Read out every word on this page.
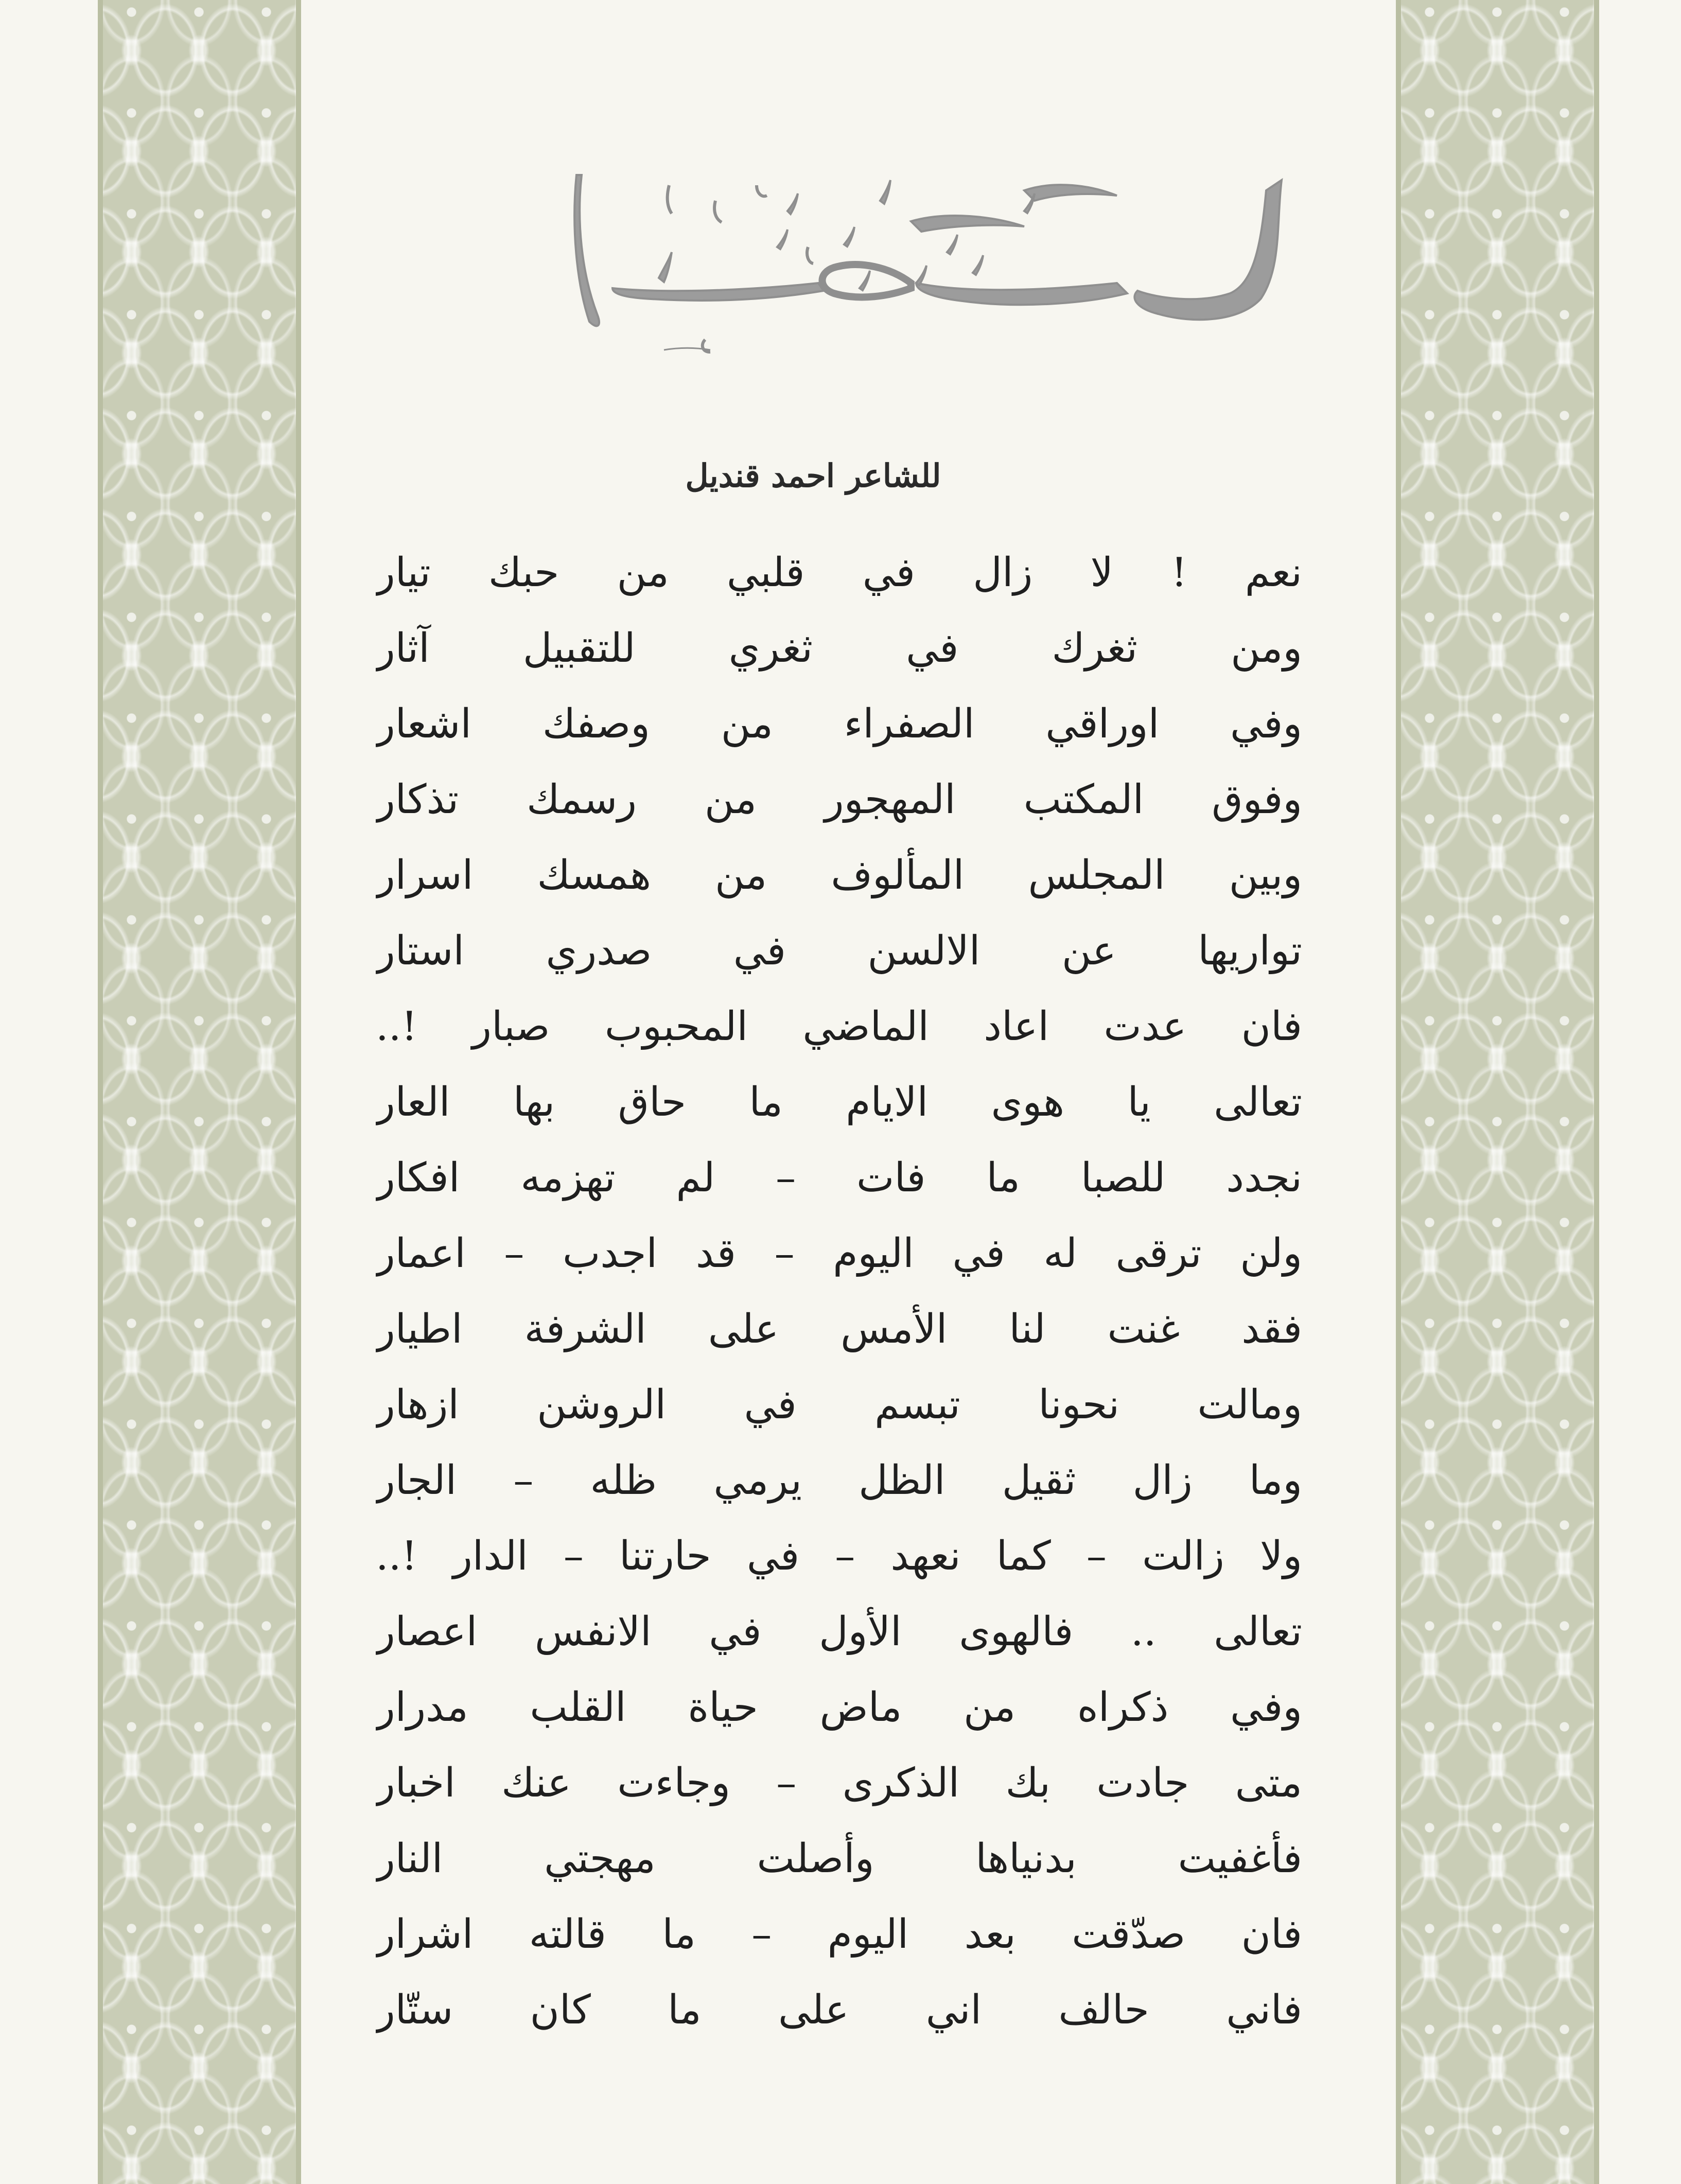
للشاعر احمد قنديل

نعم ! لا زال في قلبي من حبك تيار
ومن ثغرك في ثغري للتقبيل آثار
وفي اوراقي الصفراء من وصفك اشعار
وفوق المكتب المهجور من رسمك تذكار
وبين المجلس المألوف من همسك اسرار
تواريها عن الالسن في صدري استار
فان عدت اعاد الماضي المحبوب صبار !..
تعالى يا هوى الايام ما حاق بها العار
نجدد للصبا ما فات – لم تهزمه افكار
ولن ترقى له في اليوم – قد اجدب – اعمار
فقد غنت لنا الأمس على الشرفة اطيار
ومالت نحونا تبسم في الروشن ازهار
وما زال ثقيل الظل يرمي ظله – الجار
ولا زالت – كما نعهد – في حارتنا – الدار !..
تعالى .. فالهوى الأول في الانفس اعصار
وفي ذكراه من ماض حياة القلب مدرار
متى جادت بك الذكرى – وجاءت عنك اخبار
فأغفيت بدنياها وأصلت مهجتي النار
فان صدّقت بعد اليوم – ما قالته اشرار
فاني حالف اني على ما كان ستّار
